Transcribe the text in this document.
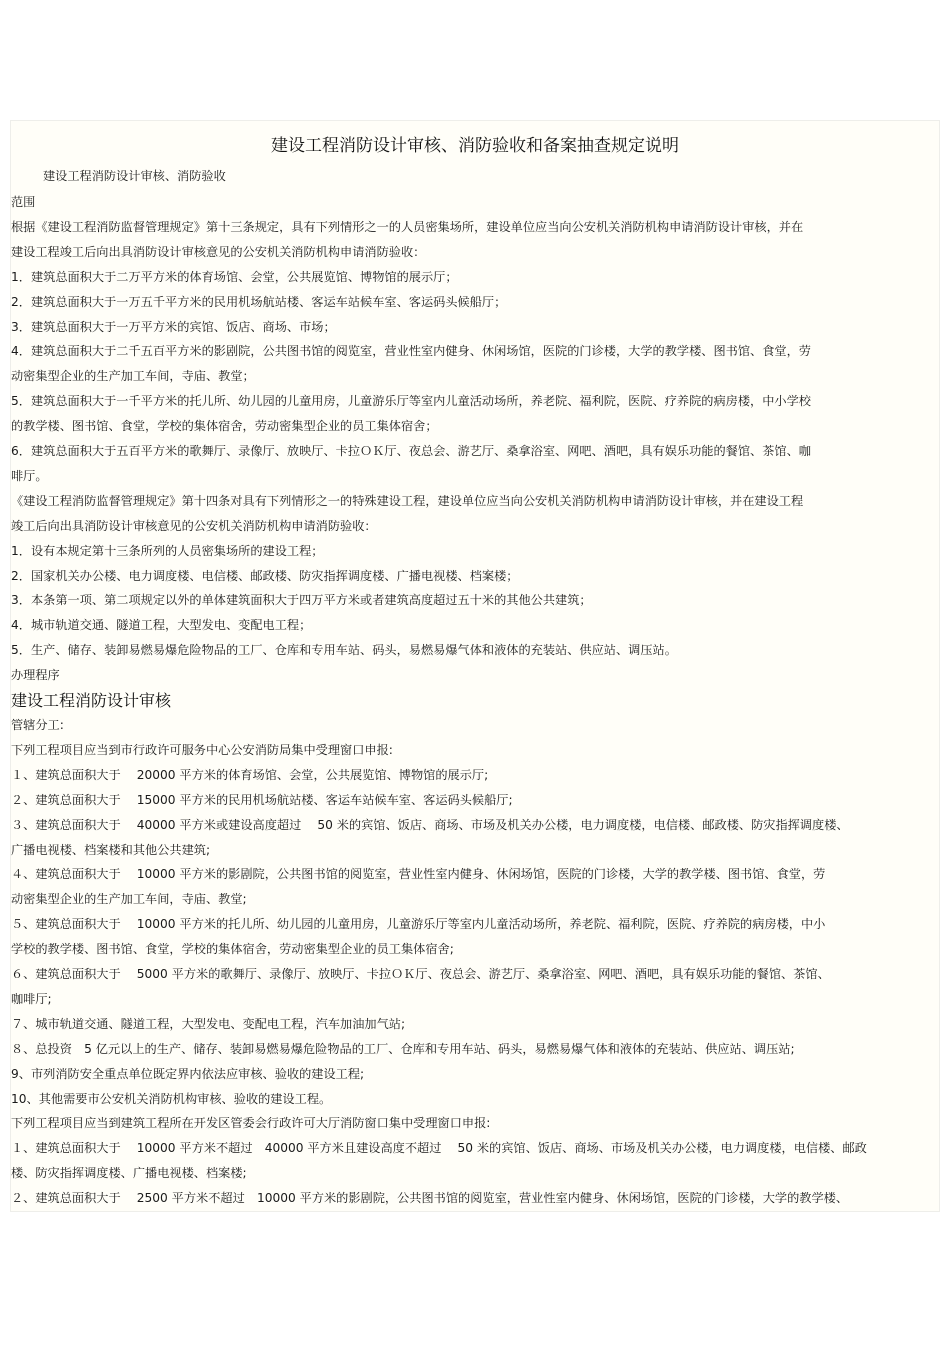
建设工程消防设计审核、消防验收和备案抽查规定说明
建设工程消防设计审核、消防验收
范围
根据《建设工程消防监督管理规定》第十三条规定，具有下列情形之一的人员密集场所，建设单位应当向公安机关消防机构申请消防设计审核，并在
建设工程竣工后向出具消防设计审核意见的公安机关消防机构申请消防验收：
1．建筑总面积大于二万平方米的体育场馆、会堂，公共展览馆、博物馆的展示厅；
2．建筑总面积大于一万五千平方米的民用机场航站楼、客运车站候车室、客运码头候船厅；
3．建筑总面积大于一万平方米的宾馆、饭店、商场、市场；
4．建筑总面积大于二千五百平方米的影剧院，公共图书馆的阅览室，营业性室内健身、休闲场馆，医院的门诊楼，大学的教学楼、图书馆、食堂，劳
动密集型企业的生产加工车间，寺庙、教堂；
5．建筑总面积大于一千平方米的托儿所、幼儿园的儿童用房，儿童游乐厅等室内儿童活动场所，养老院、福利院，医院、疗养院的病房楼，中小学校
的教学楼、图书馆、食堂，学校的集体宿舍，劳动密集型企业的员工集体宿舍；
6．建筑总面积大于五百平方米的歌舞厅、录像厅、放映厅、卡拉ＯＫ厅、夜总会、游艺厅、桑拿浴室、网吧、酒吧，具有娱乐功能的餐馆、茶馆、咖
啡厅。
《建设工程消防监督管理规定》第十四条对具有下列情形之一的特殊建设工程，建设单位应当向公安机关消防机构申请消防设计审核，并在建设工程
竣工后向出具消防设计审核意见的公安机关消防机构申请消防验收：
1．设有本规定第十三条所列的人员密集场所的建设工程；
2．国家机关办公楼、电力调度楼、电信楼、邮政楼、防灾指挥调度楼、广播电视楼、档案楼；
3．本条第一项、第二项规定以外的单体建筑面积大于四万平方米或者建筑高度超过五十米的其他公共建筑；
4．城市轨道交通、隧道工程，大型发电、变配电工程；
5．生产、储存、装卸易燃易爆危险物品的工厂、仓库和专用车站、码头，易燃易爆气体和液体的充装站、供应站、调压站。
办理程序
建设工程消防设计审核
管辖分工:
下列工程项目应当到市行政许可服务中心公安消防局集中受理窗口申报:
１、建筑总面积大于　 20000 平方米的体育场馆、会堂，公共展览馆、博物馆的展示厅;
２、建筑总面积大于　 15000 平方米的民用机场航站楼、客运车站候车室、客运码头候船厅;
３、建筑总面积大于　 40000 平方米或建设高度超过　 50 米的宾馆、饭店、商场、市场及机关办公楼，电力调度楼，电信楼、邮政楼、防灾指挥调度楼、
广播电视楼、档案楼和其他公共建筑;
４、建筑总面积大于　 10000 平方米的影剧院，公共图书馆的阅览室，营业性室内健身、休闲场馆，医院的门诊楼，大学的教学楼、图书馆、食堂，劳
动密集型企业的生产加工车间，寺庙、教堂;
５、建筑总面积大于　 10000 平方米的托儿所、幼儿园的儿童用房，儿童游乐厅等室内儿童活动场所，养老院、福利院，医院、疗养院的病房楼，中小
学校的教学楼、图书馆、食堂，学校的集体宿舍，劳动密集型企业的员工集体宿舍;
６、建筑总面积大于　 5000 平方米的歌舞厅、录像厅、放映厅、卡拉ＯＫ厅、夜总会、游艺厅、桑拿浴室、网吧、酒吧，具有娱乐功能的餐馆、茶馆、
咖啡厅;
７、城市轨道交通、隧道工程，大型发电、变配电工程，汽车加油加气站;
８、总投资　5 亿元以上的生产、储存、装卸易燃易爆危险物品的工厂、仓库和专用车站、码头，易燃易爆气体和液体的充装站、供应站、调压站;
9、市列消防安全重点单位既定界内依法应审核、验收的建设工程;
10、其他需要市公安机关消防机构审核、验收的建设工程。
下列工程项目应当到建筑工程所在开发区管委会行政许可大厅消防窗口集中受理窗口申报:
１、建筑总面积大于　 10000 平方米不超过　40000 平方米且建设高度不超过　 50 米的宾馆、饭店、商场、市场及机关办公楼，电力调度楼，电信楼、邮政
楼、防灾指挥调度楼、广播电视楼、档案楼;
２、建筑总面积大于　 2500 平方米不超过　10000 平方米的影剧院，公共图书馆的阅览室，营业性室内健身、休闲场馆，医院的门诊楼，大学的教学楼、
